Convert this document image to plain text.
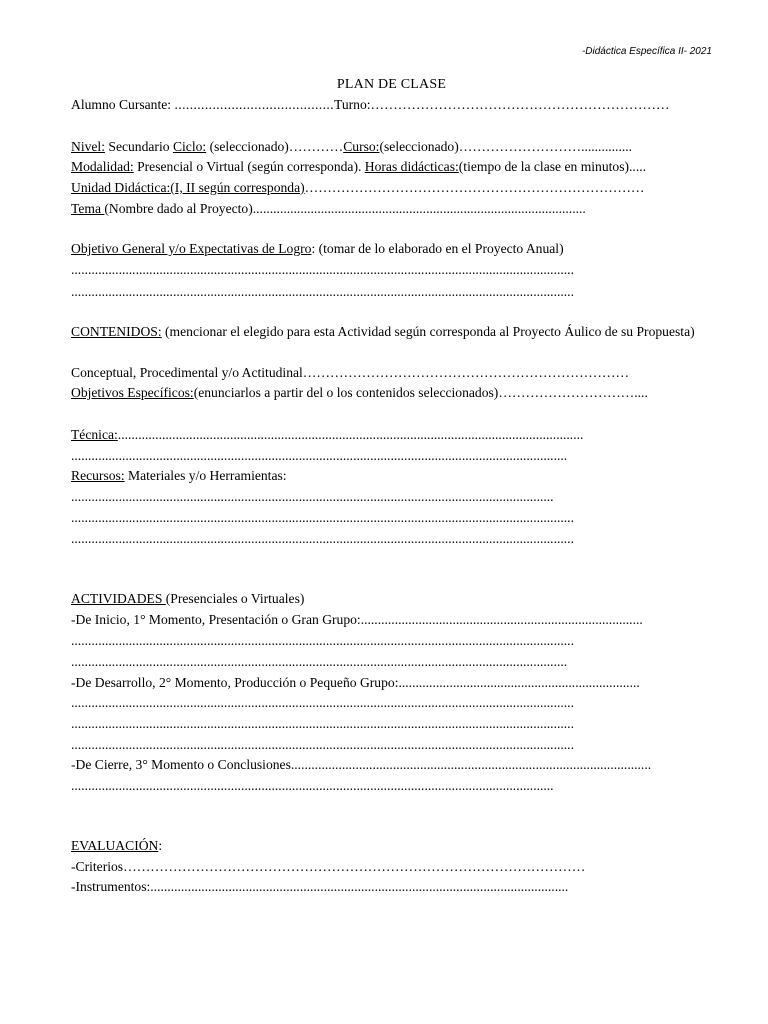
-Didáctica Específica II- 2021
PLAN DE CLASE
Alumno Cursante: ..........................................Turno:…………………………………………………………
Nivel: Secundario Ciclo: (seleccionado)…………Curso:(seleccionado)………………………...............
Modalidad: Presencial o Virtual (según corresponda). Horas didácticas:(tiempo de la clase en minutos).....
Unidad Didáctica:(I, II según corresponda)…………………………………………………………………
Tema (Nombre dado al Proyecto)..................................................................................................
Objetivo General y/o Expectativas de Logro: (tomar de lo elaborado en el Proyecto Anual)
....................................................................................................................................................
....................................................................................................................................................
CONTENIDOS: (mencionar el elegido para esta Actividad según corresponda al Proyecto Áulico de su Propuesta)
Conceptual, Procedimental y/o Actitudinal………………………………………………………………
Objetivos Específicos:(enunciarlos a partir del o los contenidos seleccionados)…………………………....
Técnica:.........................................................................................................................................
..................................................................................................................................................
Recursos: Materiales y/o Herramientas:
..............................................................................................................................................
....................................................................................................................................................
....................................................................................................................................................
ACTIVIDADES (Presenciales o Virtuales)
-De Inicio, 1° Momento, Presentación o Gran Grupo:...................................................................................
....................................................................................................................................................
..................................................................................................................................................
-De Desarrollo, 2° Momento, Producción o Pequeño Grupo:.......................................................................
....................................................................................................................................................
....................................................................................................................................................
....................................................................................................................................................
-De Cierre, 3° Momento o Conclusiones..........................................................................................................
..............................................................................................................................................
EVALUACIÓN:
-Criterios…………………………………………………………………………………………
-Instrumentos:...........................................................................................................................
